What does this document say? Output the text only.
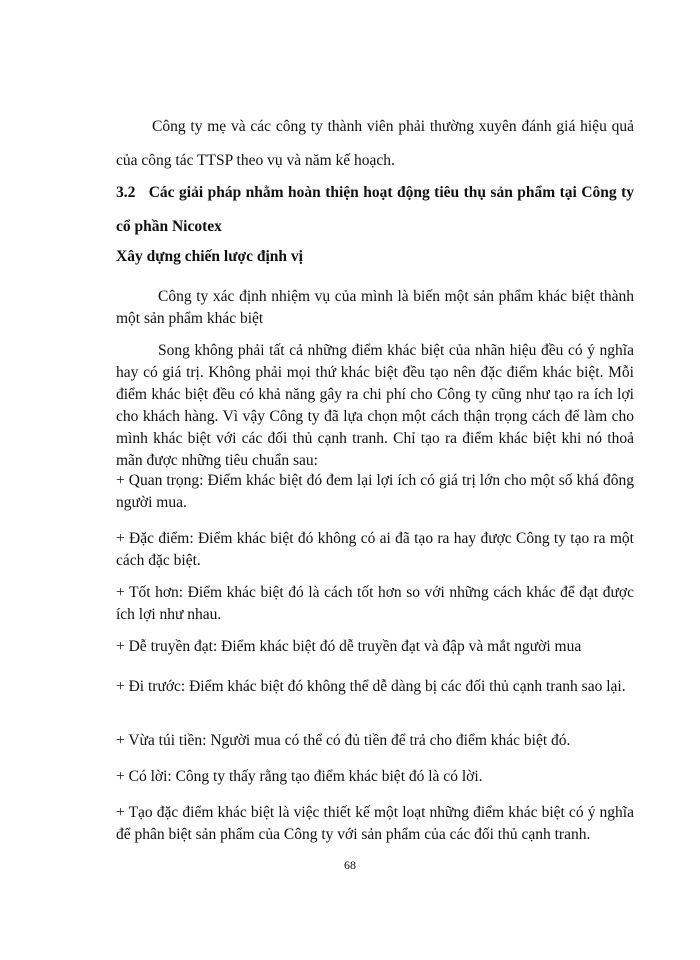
Công ty mẹ và các công ty thành viên phải thường xuyên đánh giá hiệu quả của công tác TTSP theo vụ và năm kế hoạch.

3.2 Các giải pháp nhằm hoàn thiện hoạt động tiêu thụ sản phẩm tại Công ty cổ phần Nicotex

Xây dựng chiến lược định vị

Công ty xác định nhiệm vụ của mình là biến một sản phẩm khác biệt thành một sản phẩm khác biệt

Song không phải tất cả những điểm khác biệt của nhãn hiệu đều có ý nghĩa hay có giá trị. Không phải mọi thứ khác biệt đều tạo nên đặc điểm khác biệt. Mỗi điểm khác biệt đều có khả năng gây ra chi phí cho Công ty cũng như tạo ra ích lợi cho khách hàng. Vì vậy Công ty đã lựa chọn một cách thận trọng cách để làm cho mình khác biệt với các đối thủ cạnh tranh. Chỉ tạo ra điểm khác biệt khi nó thoả mãn được những tiêu chuẩn sau:

+ Quan trọng: Điểm khác biệt đó đem lại lợi ích có giá trị lớn cho một số khá đông người mua.

+ Đặc điểm: Điểm khác biệt đó không có ai đã tạo ra hay được Công ty tạo ra một cách đặc biệt.

+ Tốt hơn: Điểm khác biệt đó là cách tốt hơn so với những cách khác để đạt được ích lợi như nhau.

+ Dễ truyền đạt: Điểm khác biệt đó dễ truyền đạt và đập và mắt người mua

+ Đi trước: Điểm khác biệt đó không thể dễ dàng bị các đối thủ cạnh tranh sao lại.

+ Vừa túi tiền: Người mua có thể có đủ tiền để trả cho điểm khác biệt đó.

+ Có lời: Công ty thấy rằng tạo điểm khác biệt đó là có lời.

+ Tạo đặc điểm khác biệt là việc thiết kế một loạt những điểm khác biệt có ý nghĩa để phân biệt sản phẩm của Công ty với sản phẩm của các đối thủ cạnh tranh.

68
